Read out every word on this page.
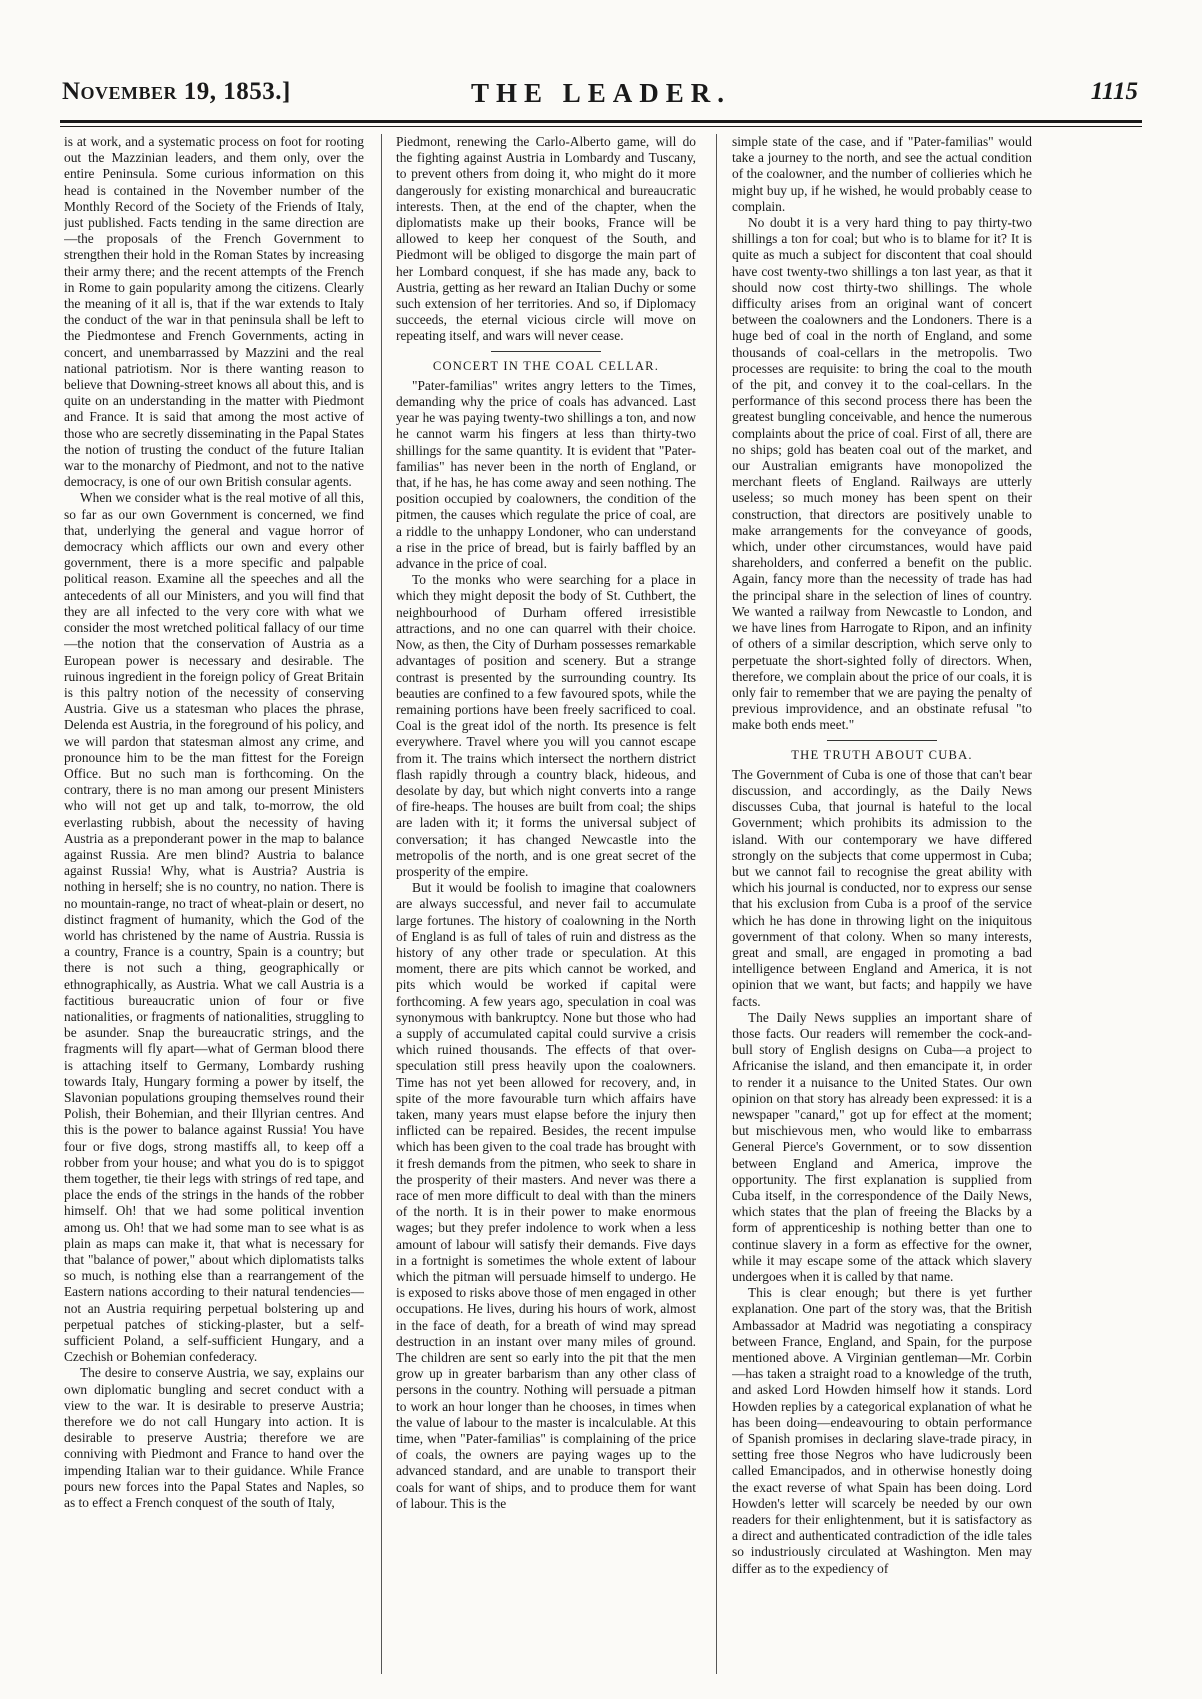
November 19, 1853.]	THE LEADER.	1115

is at work, and a systematic process on foot for rooting out the Mazzinian leaders, and them only, over the entire Peninsula. Some curious information on this head is contained in the November number of the Monthly Record of the Society of the Friends of Italy, just published. Facts tending in the same direction are—the proposals of the French Government to strengthen their hold in the Roman States by increasing their army there; and the recent attempts of the French in Rome to gain popularity among the citizens. Clearly the meaning of it all is, that if the war extends to Italy the conduct of the war in that peninsula shall be left to the Piedmontese and French Governments, acting in concert, and unembarrassed by Mazzini and the real national patriotism. Nor is there wanting reason to believe that Downing-street knows all about this, and is quite on an understanding in the matter with Piedmont and France. It is said that among the most active of those who are secretly disseminating in the Papal States the notion of trusting the conduct of the future Italian war to the monarchy of Piedmont, and not to the native democracy, is one of our own British consular agents.

When we consider what is the real motive of all this, so far as our own Government is concerned, we find that, underlying the general and vague horror of democracy which afflicts our own and every other government, there is a more specific and palpable political reason. Examine all the speeches and all the antecedents of all our Ministers, and you will find that they are all infected to the very core with what we consider the most wretched political fallacy of our time—the notion that the conservation of Austria as a European power is necessary and desirable. The ruinous ingredient in the foreign policy of Great Britain is this paltry notion of the necessity of conserving Austria. Give us a statesman who places the phrase, Delenda est Austria, in the foreground of his policy, and we will pardon that statesman almost any crime, and pronounce him to be the man fittest for the Foreign Office. But no such man is forthcoming. On the contrary, there is no man among our present Ministers who will not get up and talk, to-morrow, the old everlasting rubbish, about the necessity of having Austria as a preponderant power in the map to balance against Russia. Are men blind? Austria to balance against Russia! Why, what is Austria? Austria is nothing in herself; she is no country, no nation. There is no mountain-range, no tract of wheat-plain or desert, no distinct fragment of humanity, which the God of the world has christened by the name of Austria. Russia is a country, France is a country, Spain is a country; but there is not such a thing, geographically or ethnographically, as Austria. What we call Austria is a factitious bureaucratic union of four or five nationalities, or fragments of nationalities, struggling to be asunder. Snap the bureaucratic strings, and the fragments will fly apart—what of German blood there is attaching itself to Germany, Lombardy rushing towards Italy, Hungary forming a power by itself, the Slavonian populations grouping themselves round their Polish, their Bohemian, and their Illyrian centres. And this is the power to balance against Russia! You have four or five dogs, strong mastiffs all, to keep off a robber from your house; and what you do is to spiggot them together, tie their legs with strings of red tape, and place the ends of the strings in the hands of the robber himself. Oh! that we had some political invention among us. Oh! that we had some man to see what is as plain as maps can make it, that what is necessary for that "balance of power," about which diplomatists talks so much, is nothing else than a rearrangement of the Eastern nations according to their natural tendencies—not an Austria requiring perpetual bolstering up and perpetual patches of sticking-plaster, but a self-sufficient Poland, a self-sufficient Hungary, and a Czechish or Bohemian confederacy.

The desire to conserve Austria, we say, explains our own diplomatic bungling and secret conduct with a view to the war. It is desirable to preserve Austria; therefore we do not call Hungary into action. It is desirable to preserve Austria; therefore we are conniving with Piedmont and France to hand over the impending Italian war to their guidance. While France pours new forces into the Papal States and Naples, so as to effect a French conquest of the south of Italy,

Piedmont, renewing the Carlo-Alberto game, will do the fighting against Austria in Lombardy and Tuscany, to prevent others from doing it, who might do it more dangerously for existing monarchical and bureaucratic interests. Then, at the end of the chapter, when the diplomatists make up their books, France will be allowed to keep her conquest of the South, and Piedmont will be obliged to disgorge the main part of her Lombard conquest, if she has made any, back to Austria, getting as her reward an Italian Duchy or some such extension of her territories. And so, if Diplomacy succeeds, the eternal vicious circle will move on repeating itself, and wars will never cease.

CONCERT IN THE COAL CELLAR.

"Pater-familias" writes angry letters to the Times, demanding why the price of coals has advanced. Last year he was paying twenty-two shillings a ton, and now he cannot warm his fingers at less than thirty-two shillings for the same quantity. It is evident that "Pater-familias" has never been in the north of England, or that, if he has, he has come away and seen nothing. The position occupied by coalowners, the condition of the pitmen, the causes which regulate the price of coal, are a riddle to the unhappy Londoner, who can understand a rise in the price of bread, but is fairly baffled by an advance in the price of coal.

To the monks who were searching for a place in which they might deposit the body of St. Cuthbert, the neighbourhood of Durham offered irresistible attractions, and no one can quarrel with their choice. Now, as then, the City of Durham possesses remarkable advantages of position and scenery. But a strange contrast is presented by the surrounding country. Its beauties are confined to a few favoured spots, while the remaining portions have been freely sacrificed to coal. Coal is the great idol of the north. Its presence is felt everywhere. Travel where you will you cannot escape from it. The trains which intersect the northern district flash rapidly through a country black, hideous, and desolate by day, but which night converts into a range of fire-heaps. The houses are built from coal; the ships are laden with it; it forms the universal subject of conversation; it has changed Newcastle into the metropolis of the north, and is one great secret of the prosperity of the empire.

But it would be foolish to imagine that coalowners are always successful, and never fail to accumulate large fortunes. The history of coalowning in the North of England is as full of tales of ruin and distress as the history of any other trade or speculation. At this moment, there are pits which cannot be worked, and pits which would be worked if capital were forthcoming. A few years ago, speculation in coal was synonymous with bankruptcy. None but those who had a supply of accumulated capital could survive a crisis which ruined thousands. The effects of that over-speculation still press heavily upon the coalowners. Time has not yet been allowed for recovery, and, in spite of the more favourable turn which affairs have taken, many years must elapse before the injury then inflicted can be repaired. Besides, the recent impulse which has been given to the coal trade has brought with it fresh demands from the pitmen, who seek to share in the prosperity of their masters. And never was there a race of men more difficult to deal with than the miners of the north. It is in their power to make enormous wages; but they prefer indolence to work when a less amount of labour will satisfy their demands. Five days in a fortnight is sometimes the whole extent of labour which the pitman will persuade himself to undergo. He is exposed to risks above those of men engaged in other occupations. He lives, during his hours of work, almost in the face of death, for a breath of wind may spread destruction in an instant over many miles of ground. The children are sent so early into the pit that the men grow up in greater barbarism than any other class of persons in the country. Nothing will persuade a pitman to work an hour longer than he chooses, in times when the value of labour to the master is incalculable. At this time, when "Pater-familias" is complaining of the price of coals, the owners are paying wages up to the advanced standard, and are unable to transport their coals for want of ships, and to produce them for want of labour. This is the

simple state of the case, and if "Pater-familias" would take a journey to the north, and see the actual condition of the coalowner, and the number of collieries which he might buy up, if he wished, he would probably cease to complain.

No doubt it is a very hard thing to pay thirty-two shillings a ton for coal; but who is to blame for it? It is quite as much a subject for discontent that coal should have cost twenty-two shillings a ton last year, as that it should now cost thirty-two shillings. The whole difficulty arises from an original want of concert between the coalowners and the Londoners. There is a huge bed of coal in the north of England, and some thousands of coal-cellars in the metropolis. Two processes are requisite: to bring the coal to the mouth of the pit, and convey it to the coal-cellars. In the performance of this second process there has been the greatest bungling conceivable, and hence the numerous complaints about the price of coal. First of all, there are no ships; gold has beaten coal out of the market, and our Australian emigrants have monopolized the merchant fleets of England. Railways are utterly useless; so much money has been spent on their construction, that directors are positively unable to make arrangements for the conveyance of goods, which, under other circumstances, would have paid shareholders, and conferred a benefit on the public. Again, fancy more than the necessity of trade has had the principal share in the selection of lines of country. We wanted a railway from Newcastle to London, and we have lines from Harrogate to Ripon, and an infinity of others of a similar description, which serve only to perpetuate the short-sighted folly of directors. When, therefore, we complain about the price of our coals, it is only fair to remember that we are paying the penalty of previous improvidence, and an obstinate refusal "to make both ends meet."

THE TRUTH ABOUT CUBA.

The Government of Cuba is one of those that can't bear discussion, and accordingly, as the Daily News discusses Cuba, that journal is hateful to the local Government; which prohibits its admission to the island. With our contemporary we have differed strongly on the subjects that come uppermost in Cuba; but we cannot fail to recognise the great ability with which his journal is conducted, nor to express our sense that his exclusion from Cuba is a proof of the service which he has done in throwing light on the iniquitous government of that colony. When so many interests, great and small, are engaged in promoting a bad intelligence between England and America, it is not opinion that we want, but facts; and happily we have facts.

The Daily News supplies an important share of those facts. Our readers will remember the cock-and-bull story of English designs on Cuba—a project to Africanise the island, and then emancipate it, in order to render it a nuisance to the United States. Our own opinion on that story has already been expressed: it is a newspaper "canard," got up for effect at the moment; but mischievous men, who would like to embarrass General Pierce's Government, or to sow dissention between England and America, improve the opportunity. The first explanation is supplied from Cuba itself, in the correspondence of the Daily News, which states that the plan of freeing the Blacks by a form of apprenticeship is nothing better than one to continue slavery in a form as effective for the owner, while it may escape some of the attack which slavery undergoes when it is called by that name.

This is clear enough; but there is yet further explanation. One part of the story was, that the British Ambassador at Madrid was negotiating a conspiracy between France, England, and Spain, for the purpose mentioned above. A Virginian gentleman—Mr. Corbin—has taken a straight road to a knowledge of the truth, and asked Lord Howden himself how it stands. Lord Howden replies by a categorical explanation of what he has been doing—endeavouring to obtain performance of Spanish promises in declaring slave-trade piracy, in setting free those Negros who have ludicrously been called Emancipados, and in otherwise honestly doing the exact reverse of what Spain has been doing. Lord Howden's letter will scarcely be needed by our own readers for their enlightenment, but it is satisfactory as a direct and authenticated contradiction of the idle tales so industriously circulated at Washington. Men may differ as to the expediency of
